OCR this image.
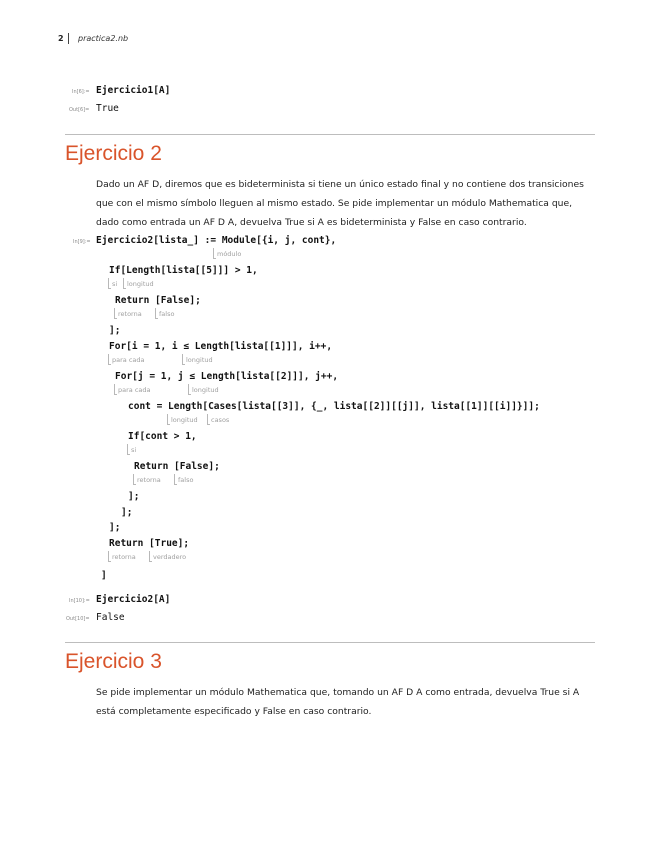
2 practica2.nb
In[6]:= Ejercicio1[A]
Out[6]= True
Ejercicio 2
Dado un AF D, diremos que es bideterminista si tiene un único estado final y no contiene dos transiciones que con el mismo símbolo lleguen al mismo estado. Se pide implementar un módulo Mathematica que, dado como entrada un AF D A, devuelva True si A es bideterminista y False en caso contrario.
In[9]:= Ejercicio2[lista_] := Module[{i, j, cont},
módulo
If[Length[lista[[5]]] > 1,
si longitud
Return [False];
retorna	falso
];
For[i = 1, i ≤ Length[lista[[1]]], i++,
para cada	longitud
For[j = 1, j ≤ Length[lista[[2]]], j++,
para cada	longitud
cont = Length[Cases[lista[[3]], {_, lista[[2]][[j]], lista[[1]][[i]]}]];
longitud casos
If[cont > 1,
si
Return [False];
retorna	falso
];
];
];
Return [True];
retorna	verdadero
]
In[10]:= Ejercicio2[A]
Out[10]= False
Ejercicio 3
Se pide implementar un módulo Mathematica que, tomando un AF D A como entrada, devuelva True si A está completamente especificado y False en caso contrario.
